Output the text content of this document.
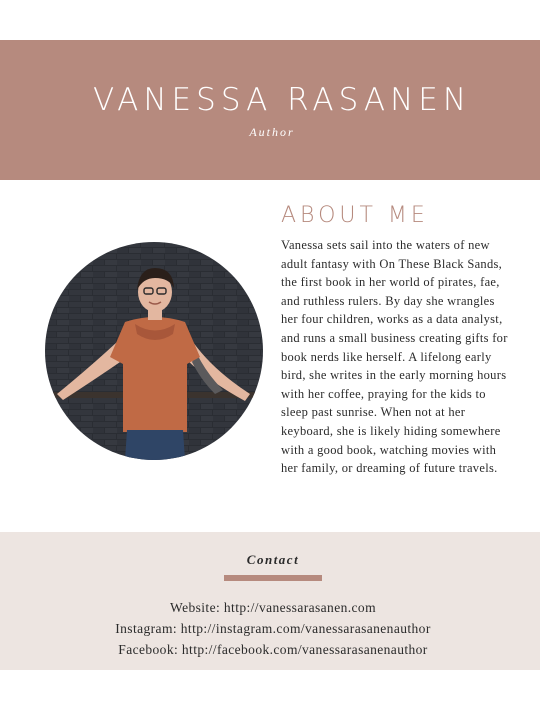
VANESSA RASANEN
Author
ABOUT ME

Vanessa sets sail into the waters of new adult fantasy with On These Black Sands, the first book in her world of pirates, fae, and ruthless rulers. By day she wrangles her four children, works as a data analyst, and runs a small business creating gifts for book nerds like herself. A lifelong early bird, she writes in the early morning hours with her coffee, praying for the kids to sleep past sunrise. When not at her keyboard, she is likely hiding somewhere with a good book, watching movies with her family, or dreaming of future travels.

Contact
Website: http://vanessarasanen.com
Instagram: http://instagram.com/vanessarasanenauthor
Facebook: http://facebook.com/vanessarasanenauthor
